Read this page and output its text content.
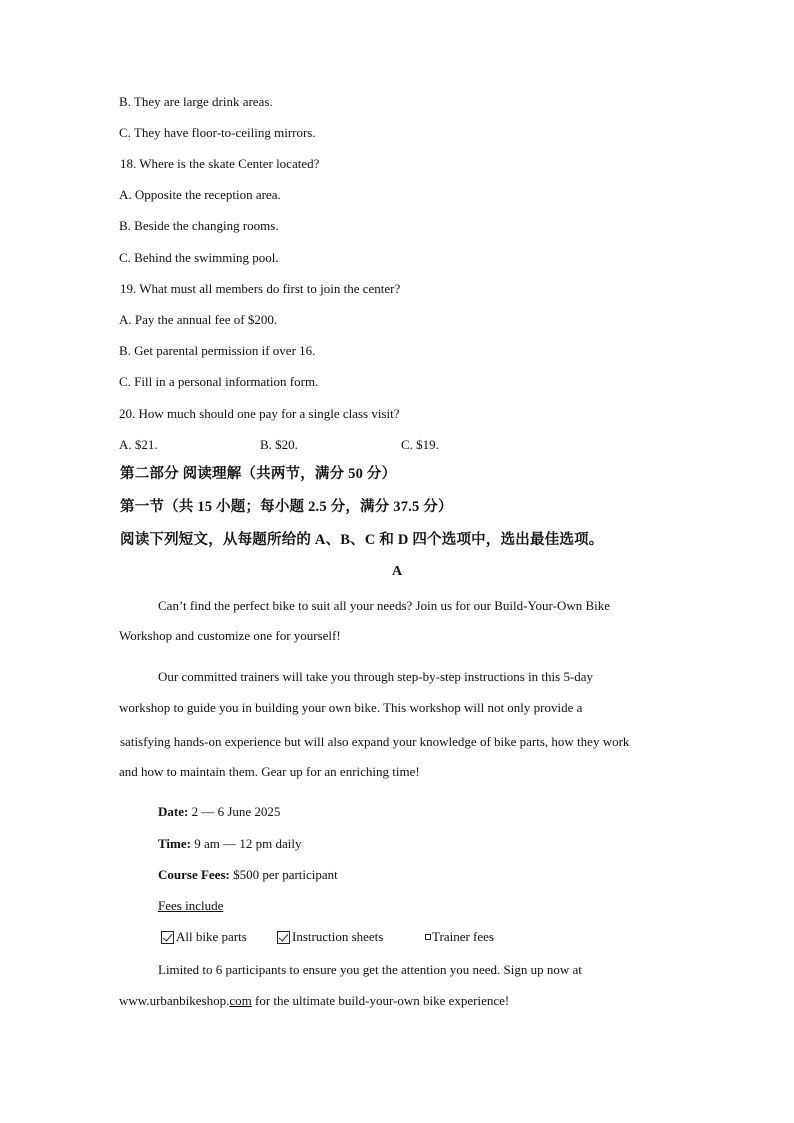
B. They are large drink areas.
C. They have floor-to-ceiling mirrors.
18. Where is the skate Center located?
A. Opposite the reception area.
B. Beside the changing rooms.
C. Behind the swimming pool.
19. What must all members do first to join the center?
A. Pay the annual fee of $200.
B. Get parental permission if over 16.
C. Fill in a personal information form.
20. How much should one pay for a single class visit?
A. $21.	B. $20.	C. $19.
第二部分 阅读理解（共两节，满分 50 分）
第一节（共 15 小题；每小题 2.5 分，满分 37.5 分）
阅读下列短文，从每题所给的 A、B、C 和 D 四个选项中，选出最佳选项。
A
Can’t find the perfect bike to suit all your needs? Join us for our Build-Your-Own Bike
Workshop and customize one for yourself!
Our committed trainers will take you through step-by-step instructions in this 5-day
workshop to guide you in building your own bike. This workshop will not only provide a
satisfying hands-on experience but will also expand your knowledge of bike parts, how they work
and how to maintain them. Gear up for an enriching time!
Date: 2 — 6 June 2025
Time: 9 am — 12 pm daily
Course Fees: $500 per participant
Fees include
All bike parts	Instruction sheets	Trainer fees
Limited to 6 participants to ensure you get the attention you need. Sign up now at
www.urbanbikeshop.com for the ultimate build-your-own bike experience!
